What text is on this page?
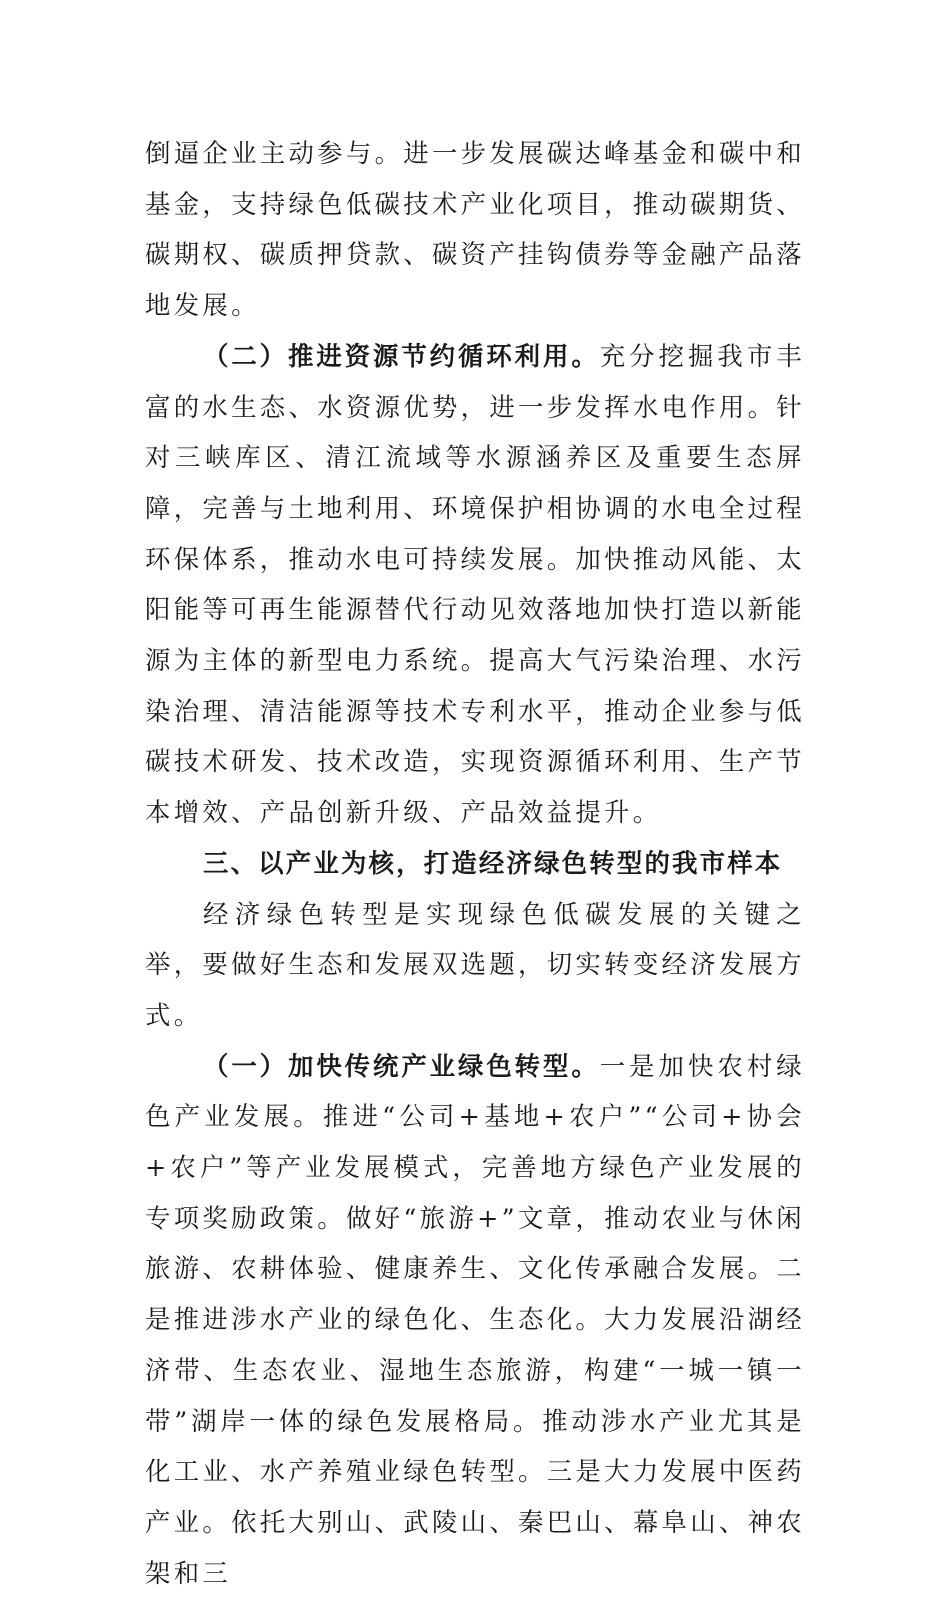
倒逼企业主动参与。进一步发展碳达峰基金和碳中和基金，支持绿色低碳技术产业化项目，推动碳期货、碳期权、碳质押贷款、碳资产挂钩债券等金融产品落地发展。

（二）推进资源节约循环利用。充分挖掘我市丰富的水生态、水资源优势，进一步发挥水电作用。针对三峡库区、清江流域等水源涵养区及重要生态屏障，完善与土地利用、环境保护相协调的水电全过程环保体系，推动水电可持续发展。加快推动风能、太阳能等可再生能源替代行动见效落地加快打造以新能源为主体的新型电力系统。提高大气污染治理、水污染治理、清洁能源等技术专利水平，推动企业参与低碳技术研发、技术改造，实现资源循环利用、生产节本增效、产品创新升级、产品效益提升。

三、以产业为核，打造经济绿色转型的我市样本

经济绿色转型是实现绿色低碳发展的关键之举，要做好生态和发展双选题，切实转变经济发展方式。

（一）加快传统产业绿色转型。一是加快农村绿色产业发展。推进“公司+基地+农户”“公司+协会+农户”等产业发展模式，完善地方绿色产业发展的专项奖励政策。做好“旅游+”文章，推动农业与休闲旅游、农耕体验、健康养生、文化传承融合发展。二是推进涉水产业的绿色化、生态化。大力发展沿湖经济带、生态农业、湿地生态旅游，构建“一城一镇一带”湖岸一体的绿色发展格局。推动涉水产业尤其是化工业、水产养殖业绿色转型。三是大力发展中医药产业。依托大别山、武陵山、秦巴山、幕阜山、神农架和三
